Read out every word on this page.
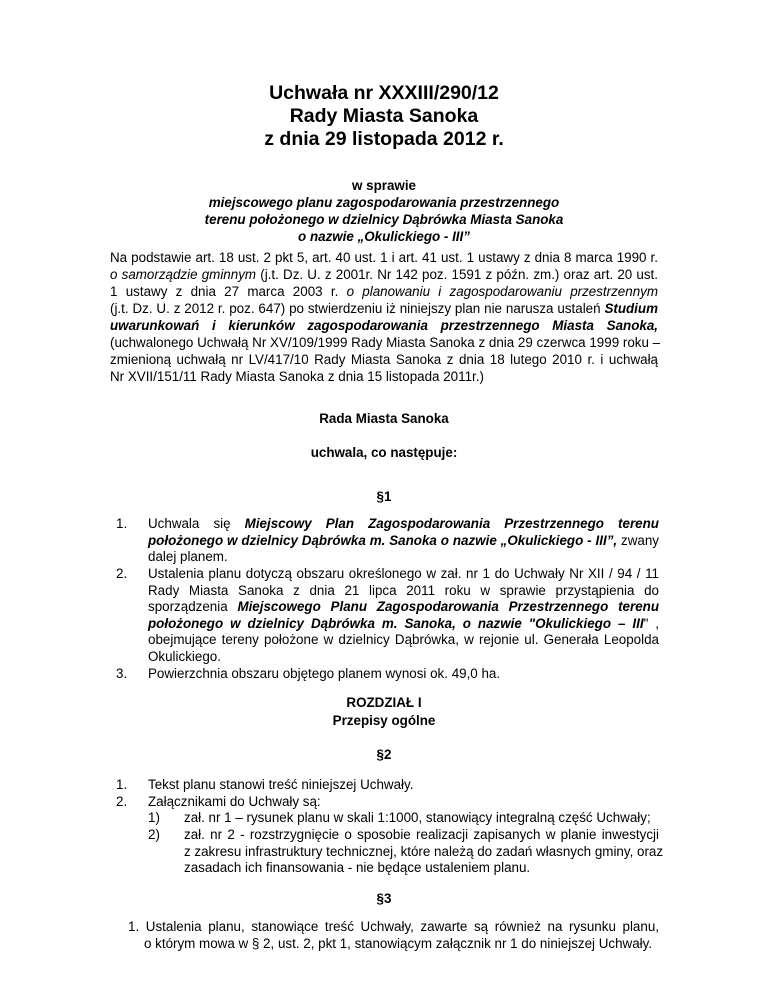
Uchwała nr XXXIII/290/12
Rady Miasta Sanoka
z dnia 29 listopada 2012 r.
w sprawie
miejscowego planu zagospodarowania przestrzennego
terenu położonego w dzielnicy Dąbrówka Miasta Sanoka
o nazwie „Okulickiego - III”
Na podstawie art. 18 ust. 2 pkt 5, art. 40 ust. 1 i art. 41 ust. 1 ustawy z dnia 8 marca 1990 r.
o samorządzie gminnym (j.t. Dz. U. z 2001r. Nr 142 poz. 1591 z późn. zm.) oraz art. 20 ust.
1 ustawy z dnia 27 marca 2003 r. o planowaniu i zagospodarowaniu przestrzennym
(j.t. Dz. U. z 2012 r. poz. 647) po stwierdzeniu iż niniejszy plan nie narusza ustaleń Studium
uwarunkowań i kierunków zagospodarowania przestrzennego Miasta Sanoka,
(uchwalonego Uchwałą Nr XV/109/1999 Rady Miasta Sanoka z dnia 29 czerwca 1999 roku –
zmienioną uchwałą nr LV/417/10 Rady Miasta Sanoka z dnia 18 lutego 2010 r. i uchwałą
Nr XVII/151/11 Rady Miasta Sanoka z dnia 15 listopada 2011r.)
Rada Miasta Sanoka
uchwala, co następuje:
§1
1. Uchwala się Miejscowy Plan Zagospodarowania Przestrzennego terenu
położonego w dzielnicy Dąbrówka m. Sanoka o nazwie „Okulickiego - III”, zwany
dalej planem.
2. Ustalenia planu dotyczą obszaru określonego w zał. nr 1 do Uchwały Nr XII / 94 / 11
Rady Miasta Sanoka z dnia 21 lipca 2011 roku w sprawie przystąpienia do
sporządzenia Miejscowego Planu Zagospodarowania Przestrzennego terenu
położonego w dzielnicy Dąbrówka m. Sanoka, o nazwie "Okulickiego – III" ,
obejmujące tereny położone w dzielnicy Dąbrówka, w rejonie ul. Generała Leopolda
Okulickiego.
3. Powierzchnia obszaru objętego planem wynosi ok. 49,0 ha.
ROZDZIAŁ I
Przepisy ogólne
§2
1. Tekst planu stanowi treść niniejszej Uchwały.
2. Załącznikami do Uchwały są:
1) zał. nr 1 – rysunek planu w skali 1:1000, stanowiący integralną część Uchwały;
2) zał. nr 2 - rozstrzygnięcie o sposobie realizacji zapisanych w planie inwestycji
z zakresu infrastruktury technicznej, które należą do zadań własnych gminy, oraz
zasadach ich finansowania - nie będące ustaleniem planu.
§3
1. Ustalenia planu, stanowiące treść Uchwały, zawarte są również na rysunku planu,
o którym mowa w § 2, ust. 2, pkt 1, stanowiącym załącznik nr 1 do niniejszej Uchwały.
